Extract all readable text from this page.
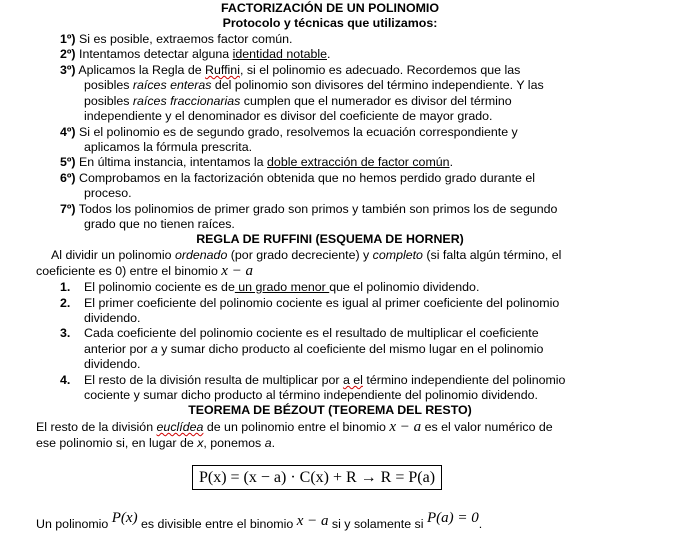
FACTORIZACIÓN DE UN POLINOMIO
Protocolo y técnicas que utilizamos:
1º) Si es posible, extraemos factor común.
2º) Intentamos detectar alguna identidad notable.
3º) Aplicamos la Regla de Ruffini, si el polinomio es adecuado. Recordemos que las
posibles raíces enteras del polinomio son divisores del término independiente. Y las
posibles raíces fraccionarias cumplen que el numerador es divisor del término
independiente y el denominador es divisor del coeficiente de mayor grado.
4º) Si el polinomio es de segundo grado, resolvemos la ecuación correspondiente y
aplicamos la fórmula prescrita.
5º) En última instancia, intentamos la doble extracción de factor común.
6º) Comprobamos en la factorización obtenida que no hemos perdido grado durante el
proceso.
7º) Todos los polinomios de primer grado son primos y también son primos los de segundo
grado que no tienen raíces.
REGLA DE RUFFINI (ESQUEMA DE HORNER)
Al dividir un polinomio ordenado (por grado decreciente) y completo (si falta algún término, el
coeficiente es 0) entre el binomio x − a
1. El polinomio cociente es de un grado menor que el polinomio dividendo.
2. El primer coeficiente del polinomio cociente es igual al primer coeficiente del polinomio
dividendo.
3. Cada coeficiente del polinomio cociente es el resultado de multiplicar el coeficiente
anterior por a y sumar dicho producto al coeficiente del mismo lugar en el polinomio
dividendo.
4. El resto de la división resulta de multiplicar por a el término independiente del polinomio
cociente y sumar dicho producto al término independiente del polinomio dividendo.
TEOREMA DE BÉZOUT (TEOREMA DEL RESTO)
El resto de la división euclídea de un polinomio entre el binomio x − a es el valor numérico de
ese polinomio si, en lugar de x, ponemos a.
P(x) = (x − a) · C(x) + R → R = P(a)
Un polinomio P(x) es divisible entre el binomio x − a si y solamente si P(a) = 0.
